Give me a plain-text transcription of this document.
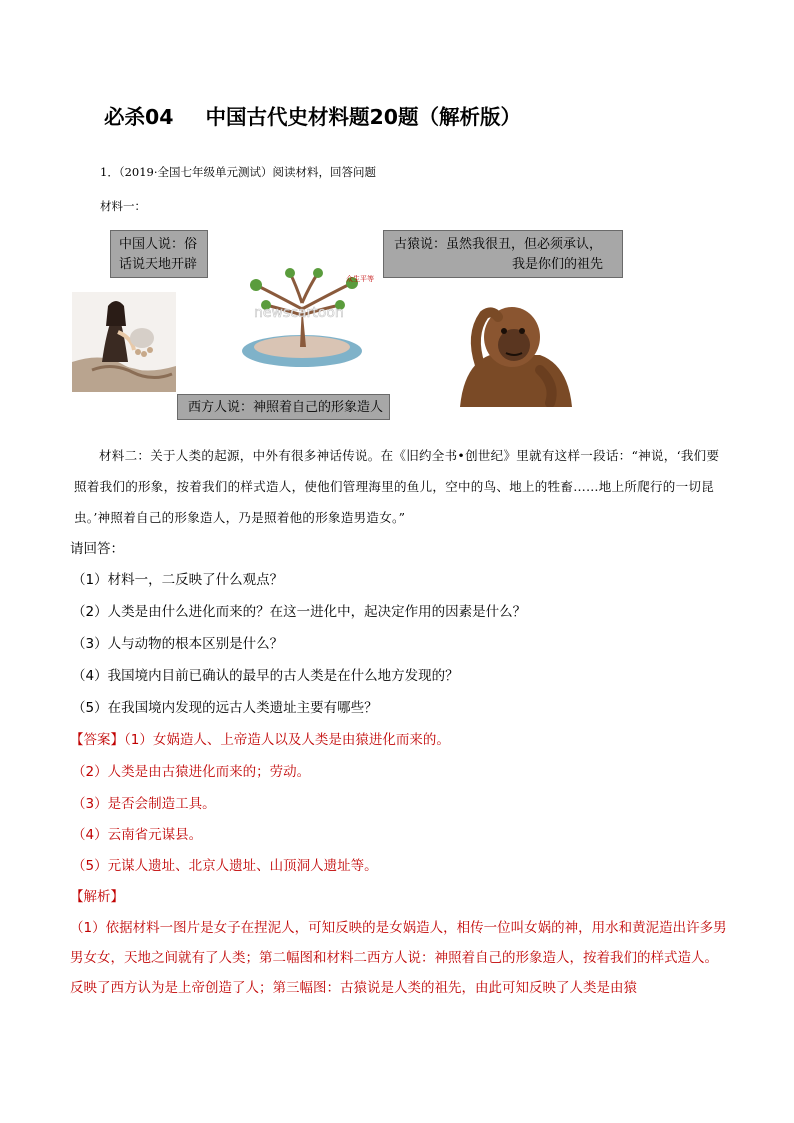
必杀04 中国古代史材料题20题（解析版）
1．（2019·全国七年级单元测试）阅读材料，回答问题
材料一：
中国人说：俗
话说天地开辟
古猿说：虽然我很丑，但必须承认，
我是你们的祖先
西方人说：神照着自己的形象造人
newscartoon
众生平等
材料二：关于人类的起源，中外有很多神话传说。在《旧约全书•创世纪》里就有这样一段话：“神说，‘我们要照着我们的形象，按着我们的样式造人，使他们管理海里的鱼儿，空中的鸟、地上的牲畜……地上所爬行的一切昆虫。’神照着自己的形象造人，乃是照着他的形象造男造女。”
请回答：
（1）材料一，二反映了什么观点？
（2）人类是由什么进化而来的？在这一进化中，起决定作用的因素是什么？
（3）人与动物的根本区别是什么？
（4）我国境内目前已确认的最早的古人类是在什么地方发现的？
（5）在我国境内发现的远古人类遗址主要有哪些？
【答案】（1）女娲造人、上帝造人以及人类是由猿进化而来的。
（2）人类是由古猿进化而来的；劳动。
（3）是否会制造工具。
（4）云南省元谋县。
（5）元谋人遗址、北京人遗址、山顶洞人遗址等。
【解析】
（1）依据材料一图片是女子在捏泥人，可知反映的是女娲造人，相传一位叫女娲的神，用水和黄泥造出许多男男女女，天地之间就有了人类；第二幅图和材料二西方人说：神照着自己的形象造人，按着我们的样式造人。反映了西方认为是上帝创造了人；第三幅图：古猿说是人类的祖先，由此可知反映了人类是由猿
